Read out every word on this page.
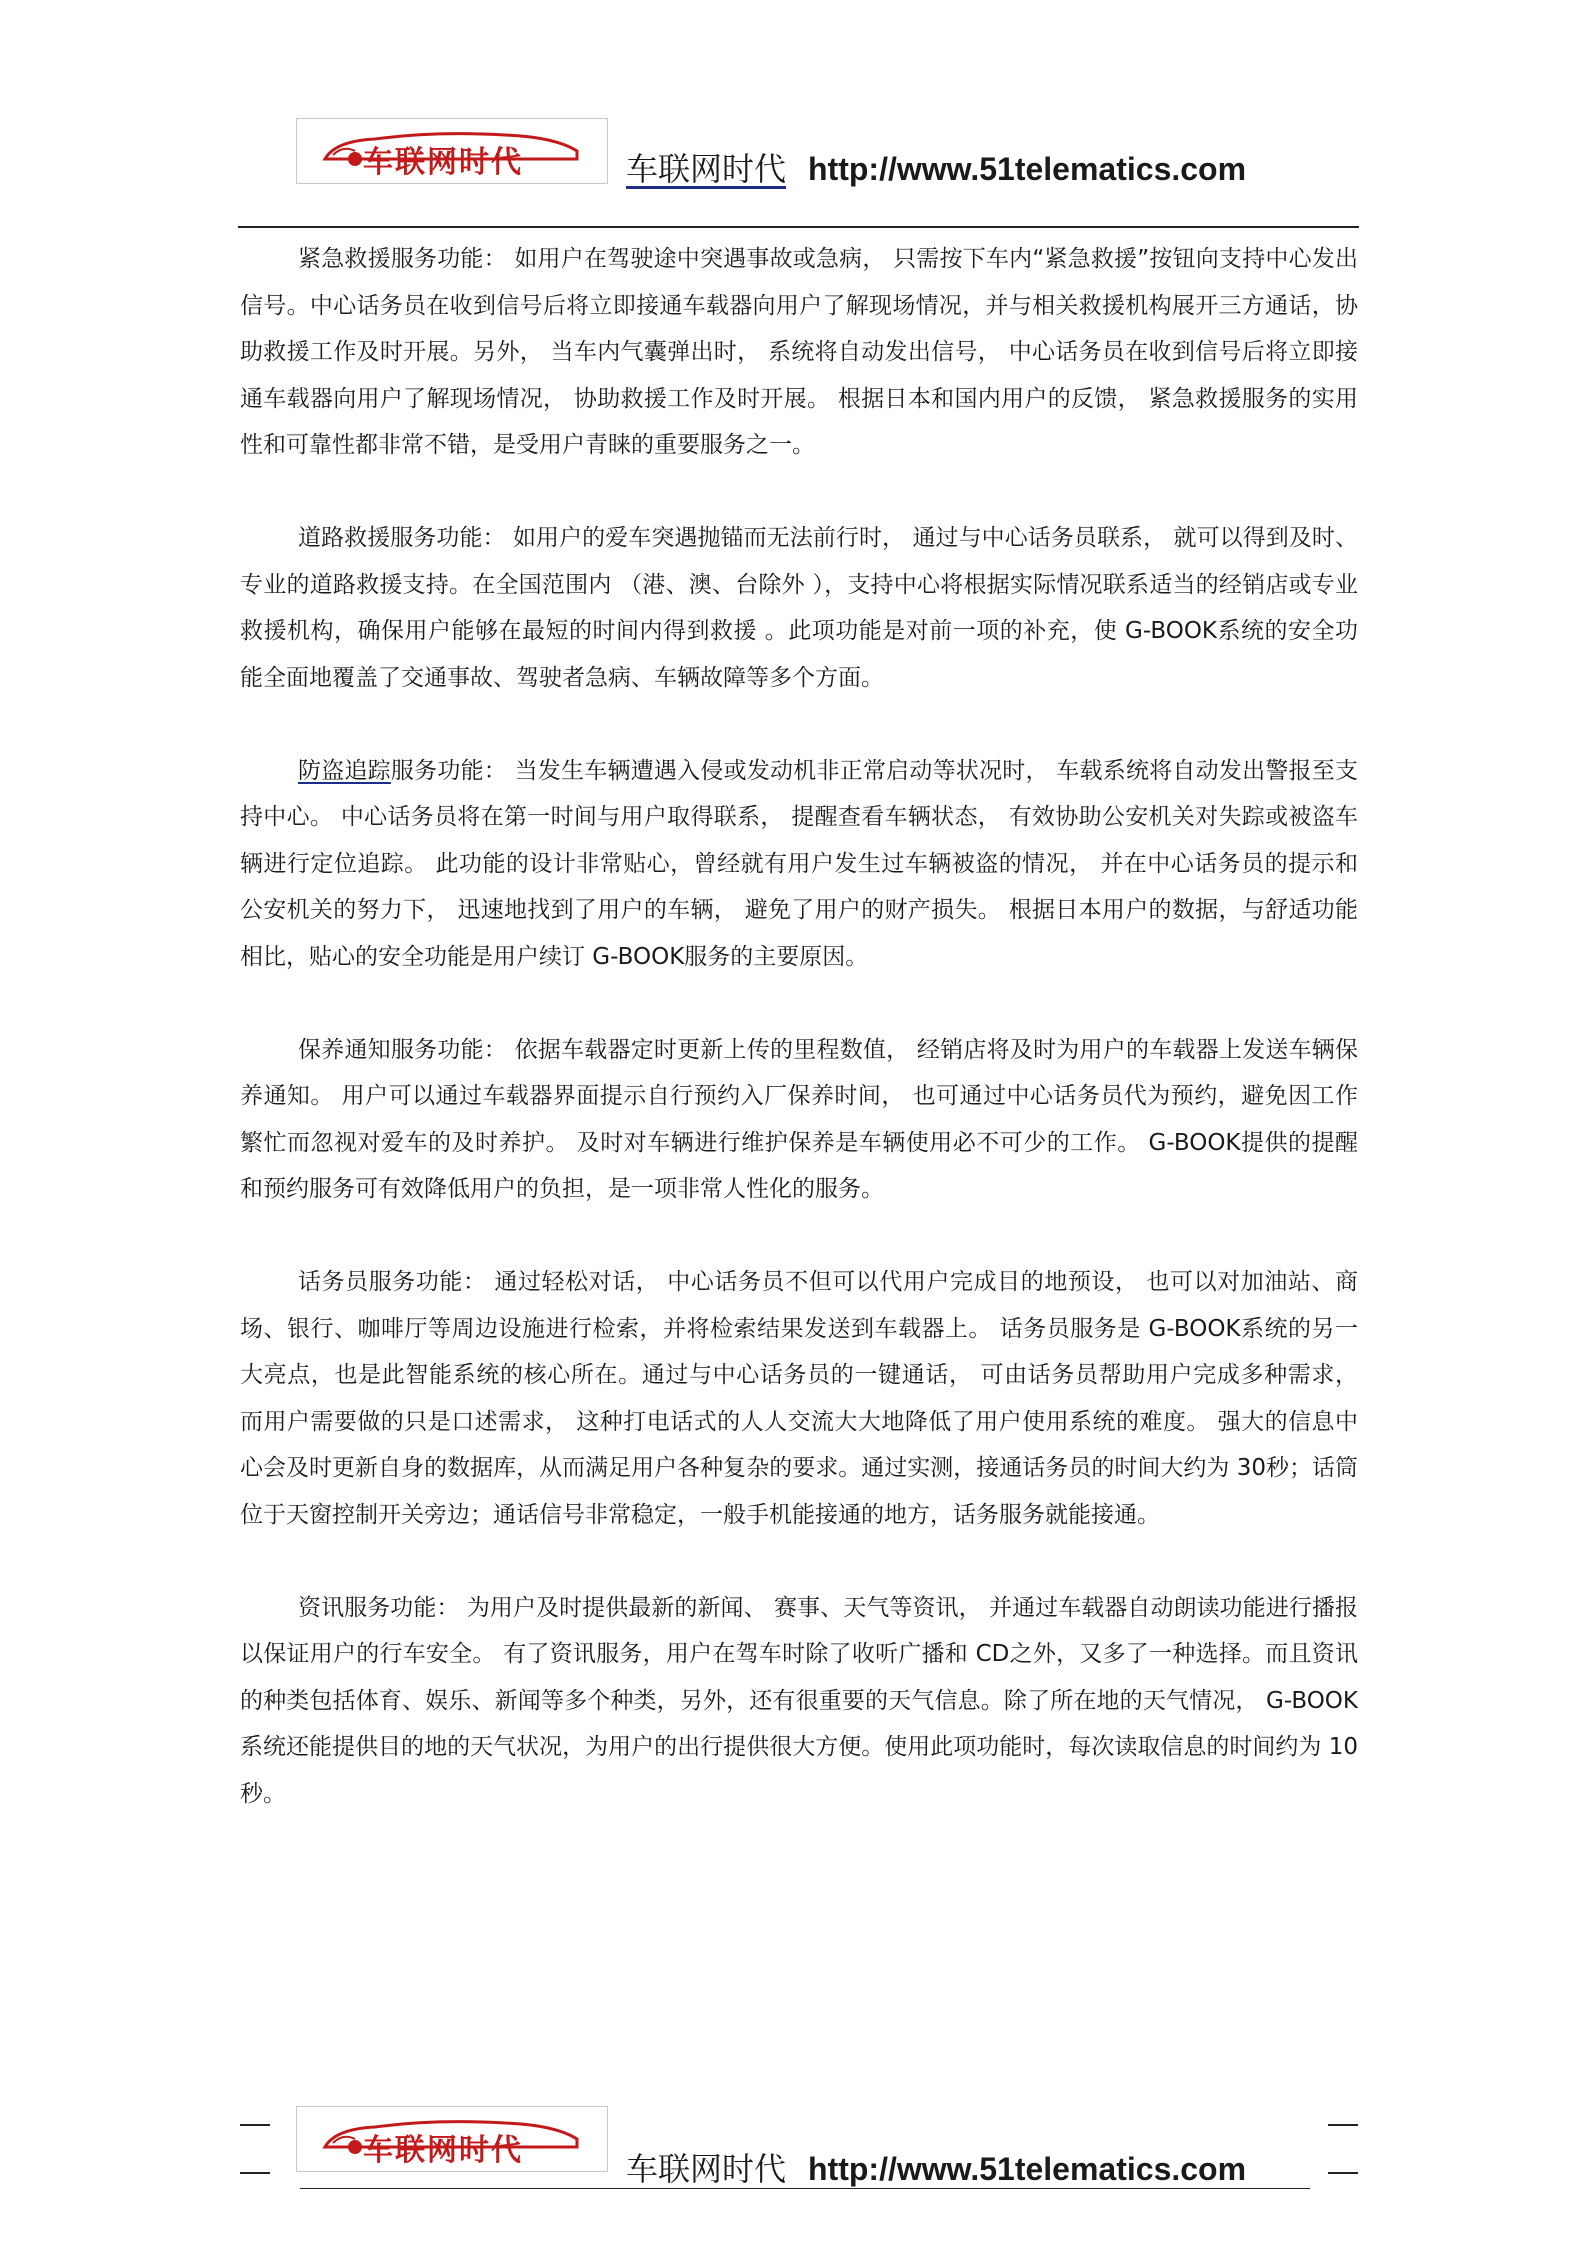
车联网时代	车联网时代 http://www.51telematics.com

紧急救援服务功能： 如用户在驾驶途中突遇事故或急病， 只需按下车内“紧急救援”按钮向支持中心发出信号。中心话务员在收到信号后将立即接通车载器向用户了解现场情况，并与相关救援机构展开三方通话，协助救援工作及时开展。另外， 当车内气囊弹出时， 系统将自动发出信号， 中心话务员在收到信号后将立即接通车载器向用户了解现场情况， 协助救援工作及时开展。 根据日本和国内用户的反馈， 紧急救援服务的实用性和可靠性都非常不错，是受用户青睐的重要服务之一。

道路救援服务功能： 如用户的爱车突遇抛锚而无法前行时， 通过与中心话务员联系， 就可以得到及时、专业的道路救援支持。在全国范围内 （港、澳、台除外 ），支持中心将根据实际情况联系适当的经销店或专业救援机构，确保用户能够在最短的时间内得到救援 。此项功能是对前一项的补充，使 G-BOOK系统的安全功能全面地覆盖了交通事故、驾驶者急病、车辆故障等多个方面。

防盗追踪服务功能： 当发生车辆遭遇入侵或发动机非正常启动等状况时， 车载系统将自动发出警报至支持中心。 中心话务员将在第一时间与用户取得联系， 提醒查看车辆状态， 有效协助公安机关对失踪或被盗车辆进行定位追踪。 此功能的设计非常贴心，曾经就有用户发生过车辆被盗的情况， 并在中心话务员的提示和公安机关的努力下， 迅速地找到了用户的车辆， 避免了用户的财产损失。 根据日本用户的数据，与舒适功能相比，贴心的安全功能是用户续订 G-BOOK服务的主要原因。

保养通知服务功能： 依据车载器定时更新上传的里程数值， 经销店将及时为用户的车载器上发送车辆保养通知。 用户可以通过车载器界面提示自行预约入厂保养时间， 也可通过中心话务员代为预约，避免因工作繁忙而忽视对爱车的及时养护。 及时对车辆进行维护保养是车辆使用必不可少的工作。 G-BOOK提供的提醒和预约服务可有效降低用户的负担，是一项非常人性化的服务。

话务员服务功能： 通过轻松对话， 中心话务员不但可以代用户完成目的地预设， 也可以对加油站、商场、银行、咖啡厅等周边设施进行检索，并将检索结果发送到车载器上。 话务员服务是 G-BOOK系统的另一大亮点，也是此智能系统的核心所在。通过与中心话务员的一键通话， 可由话务员帮助用户完成多种需求， 而用户需要做的只是口述需求， 这种打电话式的人人交流大大地降低了用户使用系统的难度。 强大的信息中心会及时更新自身的数据库，从而满足用户各种复杂的要求。通过实测，接通话务员的时间大约为 30秒；话筒位于天窗控制开关旁边；通话信号非常稳定，一般手机能接通的地方，话务服务就能接通。

资讯服务功能： 为用户及时提供最新的新闻、 赛事、天气等资讯， 并通过车载器自动朗读功能进行播报以保证用户的行车安全。 有了资讯服务，用户在驾车时除了收听广播和 CD之外，又多了一种选择。而且资讯的种类包括体育、娱乐、新闻等多个种类，另外，还有很重要的天气信息。除了所在地的天气情况， G-BOOK系统还能提供目的地的天气状况，为用户的出行提供很大方便。使用此项功能时，每次读取信息的时间约为 10秒。

车联网时代	车联网时代 http://www.51telematics.com
